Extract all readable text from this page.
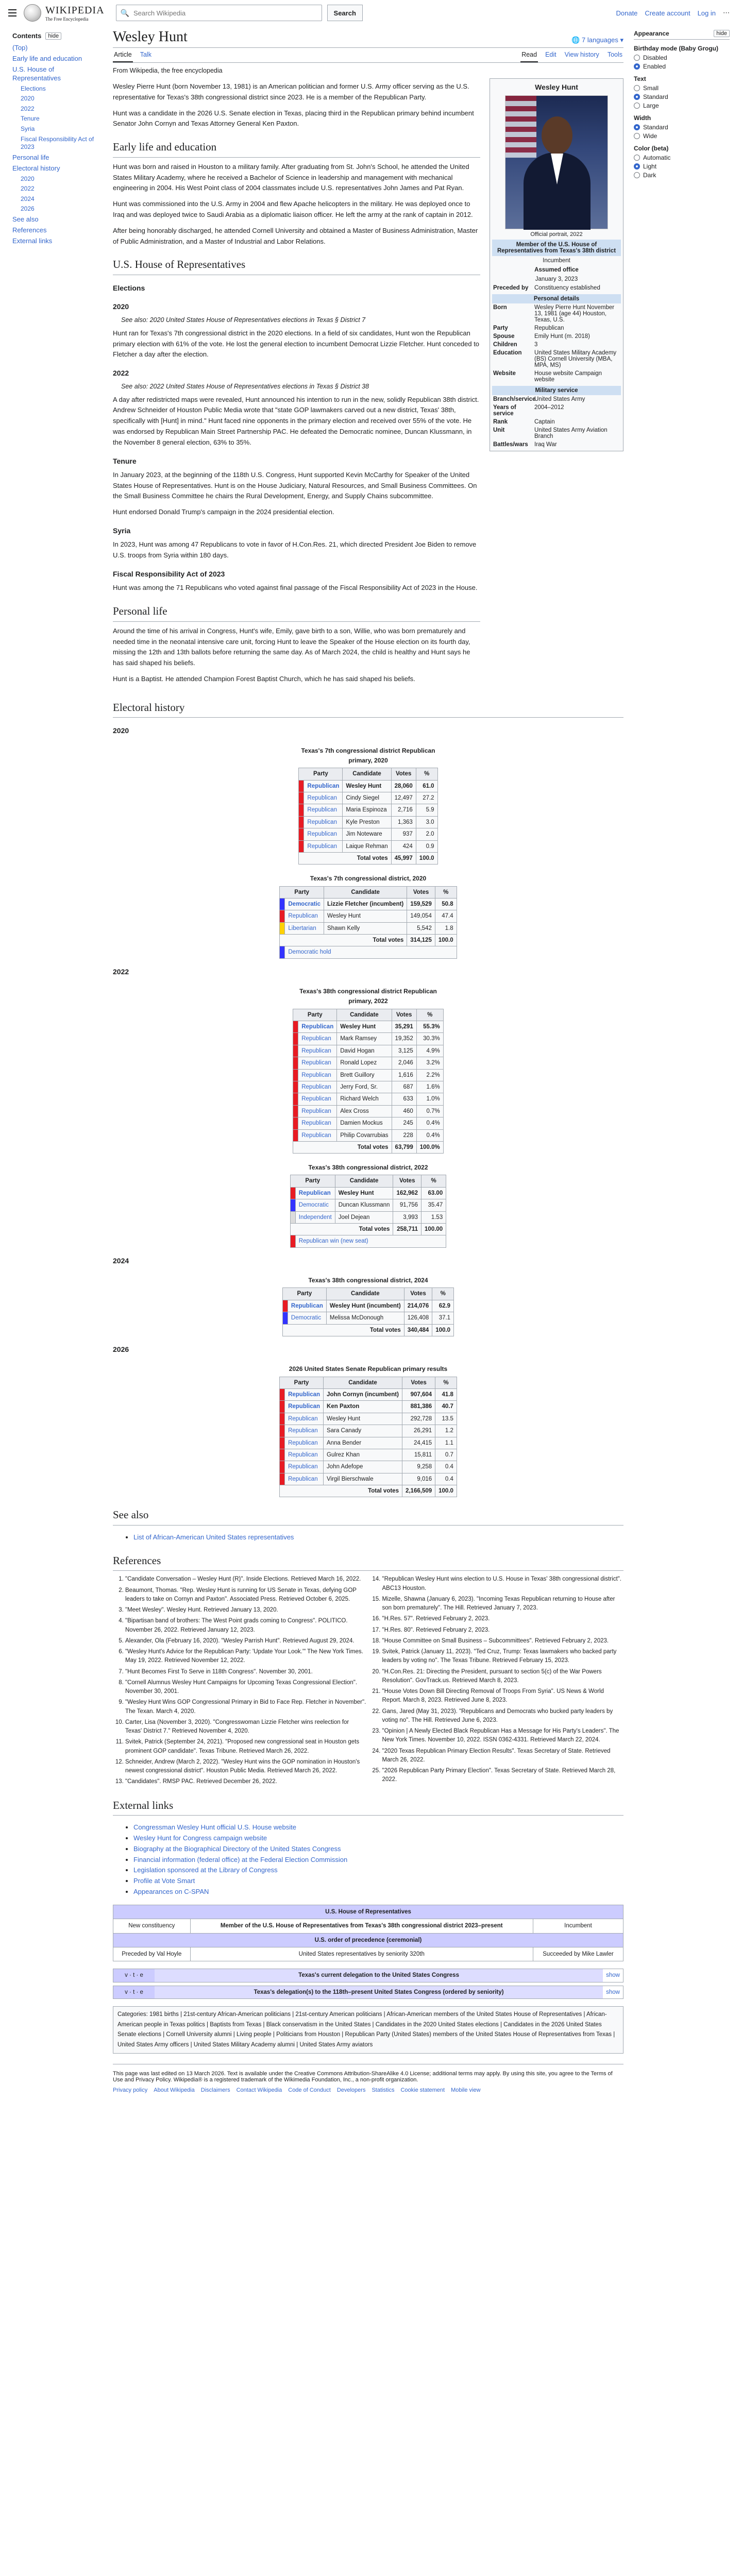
WIKIPEDIA
The Free Encyclopedia
🔍
Search Wikipedia	Search	Donate Create account Log in ⋯
Contents	hide
(Top)
Early life and education
U.S. House of Representatives
Elections
2020
2022
Tenure
Syria
Fiscal Responsibility Act of 2023
Personal life
Electoral history
2020
2022
2024
2026
See also
References
External links
Wesley Hunt	🌐 7 languages ▾
Article Talk	Read Edit View history Tools
From Wikipedia, the free encyclopedia

Wesley Pierre Hunt (born November 13, 1981) is an American politician and former U.S. Army officer serving as the U.S. representative for Texas's 38th congressional district since 2023. He is a member of the Republican Party.

Hunt was a candidate in the 2026 U.S. Senate election in Texas, placing third in the Republican primary behind incumbent Senator John Cornyn and Texas Attorney General Ken Paxton.

Early life and education

Hunt was born and raised in Houston to a military family. After graduating from St. John's School, he attended the United States Military Academy, where he received a Bachelor of Science in leadership and management with mechanical engineering in 2004. His West Point class of 2004 classmates include U.S. representatives John James and Pat Ryan.

Hunt was commissioned into the U.S. Army in 2004 and flew Apache helicopters in the military. He was deployed once to Iraq and was deployed twice to Saudi Arabia as a diplomatic liaison officer. He left the army at the rank of captain in 2012.

After being honorably discharged, he attended Cornell University and obtained a Master of Business Administration, Master of Public Administration, and a Master of Industrial and Labor Relations.

U.S. House of Representatives
Elections
2020
See also: 2020 United States House of Representatives elections in Texas § District 7

Hunt ran for Texas's 7th congressional district in the 2020 elections. In a field of six candidates, Hunt won the Republican primary election with 61% of the vote. He lost the general election to incumbent Democrat Lizzie Fletcher. Hunt conceded to Fletcher a day after the election.

2022
See also: 2022 United States House of Representatives elections in Texas § District 38

A day after redistricted maps were revealed, Hunt announced his intention to run in the new, solidly Republican 38th district. Andrew Schneider of Houston Public Media wrote that "state GOP lawmakers carved out a new district, Texas' 38th, specifically with [Hunt] in mind." Hunt faced nine opponents in the primary election and received over 55% of the vote. He was endorsed by Republican Main Street Partnership PAC. He defeated the Democratic nominee, Duncan Klussmann, in the November 8 general election, 63% to 35%.

Tenure

In January 2023, at the beginning of the 118th U.S. Congress, Hunt supported Kevin McCarthy for Speaker of the United States House of Representatives. Hunt is on the House Judiciary, Natural Resources, and Small Business Committees. On the Small Business Committee he chairs the Rural Development, Energy, and Supply Chains subcommittee.

Hunt endorsed Donald Trump's campaign in the 2024 presidential election.

Syria

In 2023, Hunt was among 47 Republicans to vote in favor of H.Con.Res. 21, which directed President Joe Biden to remove U.S. troops from Syria within 180 days.

Fiscal Responsibility Act of 2023

Hunt was among the 71 Republicans who voted against final passage of the Fiscal Responsibility Act of 2023 in the House.

Personal life

Around the time of his arrival in Congress, Hunt's wife, Emily, gave birth to a son, Willie, who was born prematurely and needed time in the neonatal intensive care unit, forcing Hunt to leave the Speaker of the House election on its fourth day, missing the 12th and 13th ballots before returning the same day. As of March 2024, the child is healthy and Hunt says he has said shaped his beliefs.

Hunt is a Baptist. He attended Champion Forest Baptist Church, which he has said shaped his beliefs.

Wesley Hunt
Official portrait, 2022
Member of the U.S. House of Representatives from Texas's 38th district
Incumbent
Assumed office
January 3, 2023
Preceded by	Constituency established
Personal details
Born	Wesley Pierre Hunt November 13, 1981 (age 44) Houston, Texas, U.S.
Party	Republican
Spouse	Emily Hunt (m. 2018)
Children	3
Education	United States Military Academy (BS) Cornell University (MBA, MPA, MS)
Website	House website Campaign website
Military service
Branch/service
United States Army
Years of service
2004–2012
Rank	Captain
Unit	United States Army Aviation Branch
Battles/wars	Iraq War
Electoral history
2020
Texas's 7th congressional district Republican primary, 2020
Party		Candidate	Votes	%
	Republican	Wesley Hunt	28,060	61.0
	Republican	Cindy Siegel	12,497	27.2
	Republican	Maria Espinoza	2,716	5.9
	Republican	Kyle Preston	1,363	3.0
	Republican	Jim Noteware	937	2.0
	Republican	Laique Rehman	424	0.9
Total votes			45,997	100.0
Texas's 7th congressional district, 2020
Party		Candidate	Votes	%
	Democratic	Lizzie Fletcher (incumbent)	159,529	50.8
	Republican	Wesley Hunt	149,054	47.4
	Libertarian	Shawn Kelly	5,542	1.8
Total votes			314,125	100.0
	Democratic hold			
2022
Texas's 38th congressional district Republican primary, 2022
Party		Candidate	Votes	%
	Republican	Wesley Hunt	35,291	55.3%
	Republican	Mark Ramsey	19,352	30.3%
	Republican	David Hogan	3,125	4.9%
	Republican	Ronald Lopez	2,046	3.2%
	Republican	Brett Guillory	1,616	2.2%
	Republican	Jerry Ford, Sr.	687	1.6%
	Republican	Richard Welch	633	1.0%
	Republican	Alex Cross	460	0.7%
	Republican	Damien Mockus	245	0.4%
	Republican	Philip Covarrubias	228	0.4%
Total votes			63,799	100.0%
Texas's 38th congressional district, 2022
Party		Candidate	Votes	%
	Republican	Wesley Hunt	162,962	63.00
	Democratic	Duncan Klussmann	91,756	35.47
	Independent	Joel Dejean	3,993	1.53
Total votes			258,711	100.00
	Republican win (new seat)			
2024
Texas's 38th congressional district, 2024
Party		Candidate	Votes	%
	Republican	Wesley Hunt (incumbent)	214,076	62.9
	Democratic	Melissa McDonough	126,408	37.1
Total votes			340,484	100.0
2026
2026 United States Senate Republican primary results
Party		Candidate	Votes	%
	Republican	John Cornyn (incumbent)	907,604	41.8
	Republican	Ken Paxton	881,386	40.7
	Republican	Wesley Hunt	292,728	13.5
	Republican	Sara Canady	26,291	1.2
	Republican	Anna Bender	24,415	1.1
	Republican	Gulrez Khan	15,811	0.7
	Republican	John Adefope	9,258	0.4
	Republican	Virgil Bierschwale	9,016	0.4
Total votes			2,166,509	100.0
See also
• List of African-American United States representatives
References
1. "Candidate Conversation – Wesley Hunt (R)". Inside Elections. Retrieved March 16, 2022.
2. Beaumont, Thomas. "Rep. Wesley Hunt is running for US Senate in Texas, defying GOP leaders to take on Cornyn and Paxton". Associated Press. Retrieved October 6, 2025.
3. "Meet Wesley". Wesley Hunt. Retrieved January 13, 2020.
4. "Bipartisan band of brothers: The West Point grads coming to Congress". POLITICO. November 26, 2022. Retrieved January 12, 2023.
5. Alexander, Ola (February 16, 2020). "Wesley Parrish Hunt". Retrieved August 29, 2024.
6. "Wesley Hunt's Advice for the Republican Party: 'Update Your Look.'" The New York Times. May 19, 2022. Retrieved November 12, 2022.
7. "Hunt Becomes First To Serve in 118th Congress". November 30, 2001.
8. "Cornell Alumnus Wesley Hunt Campaigns for Upcoming Texas Congressional Election". November 30, 2001.
9. "Wesley Hunt Wins GOP Congressional Primary in Bid to Face Rep. Fletcher in November". The Texan. March 4, 2020.
10. Carter, Lisa (November 3, 2020). "Congresswoman Lizzie Fletcher wins reelection for Texas' District 7." Retrieved November 4, 2020.
11. Svitek, Patrick (September 24, 2021). "Proposed new congressional seat in Houston gets prominent GOP candidate". Texas Tribune. Retrieved March 26, 2022.
12. Schneider, Andrew (March 2, 2022). "Wesley Hunt wins the GOP nomination in Houston's newest congressional district". Houston Public Media. Retrieved March 26, 2022.
13. "Candidates". RMSP PAC. Retrieved December 26, 2022.
14. "Republican Wesley Hunt wins election to U.S. House in Texas' 38th congressional district". ABC13 Houston.
15. Mizelle, Shawna (January 6, 2023). "Incoming Texas Republican returning to House after son born prematurely". The Hill. Retrieved January 7, 2023.
16. "H.Res. 57". Retrieved February 2, 2023.
17. "H.Res. 80". Retrieved February 2, 2023.
18. "House Committee on Small Business – Subcommittees". Retrieved February 2, 2023.
19. Svitek, Patrick (January 11, 2023). "Ted Cruz, Trump: Texas lawmakers who backed party leaders by voting no". The Texas Tribune. Retrieved February 15, 2023.
20. "H.Con.Res. 21: Directing the President, pursuant to section 5(c) of the War Powers Resolution". GovTrack.us. Retrieved March 8, 2023.
21. "House Votes Down Bill Directing Removal of Troops From Syria". US News & World Report. March 8, 2023. Retrieved June 8, 2023.
22. Gans, Jared (May 31, 2023). "Republicans and Democrats who bucked party leaders by voting no". The Hill. Retrieved June 6, 2023.
23. "Opinion | A Newly Elected Black Republican Has a Message for His Party's Leaders". The New York Times. November 10, 2022. ISSN 0362-4331. Retrieved March 22, 2024.
24. "2020 Texas Republican Primary Election Results". Texas Secretary of State. Retrieved March 26, 2022.
25. "2026 Republican Party Primary Election". Texas Secretary of State. Retrieved March 28, 2022.
External links
• Congressman Wesley Hunt official U.S. House website
• Wesley Hunt for Congress campaign website
• Biography at the Biographical Directory of the United States Congress
• Financial information (federal office) at the Federal Election Commission
• Legislation sponsored at the Library of Congress
• Profile at Vote Smart
• Appearances on C-SPAN
U.S. House of Representatives		
New constituency	Member of the U.S. House of Representatives from Texas's 38th congressional district 2023–present	Incumbent
U.S. order of precedence (ceremonial)		
Preceded by Val Hoyle	United States representatives by seniority 320th	Succeeded by Mike Lawler
v · t · e	Texas's current delegation to the United States Congress	show
v · t · e	Texas's delegation(s) to the 118th–present United States Congress (ordered by seniority)	show
Categories: 1981 births | 21st-century African-American politicians | 21st-century American politicians | African-American members of the United States House of Representatives | African-American people in Texas politics | Baptists from Texas | Black conservatism in the United States | Candidates in the 2020 United States elections | Candidates in the 2026 United States Senate elections | Cornell University alumni | Living people | Politicians from Houston | Republican Party (United States) members of the United States House of Representatives from Texas | United States Army officers | United States Military Academy alumni | United States Army aviators
This page was last edited on 13 March 2026. Text is available under the Creative Commons Attribution-ShareAlike 4.0 License; additional terms may apply. By using this site, you agree to the Terms of Use and Privacy Policy. Wikipedia® is a registered trademark of the Wikimedia Foundation, Inc., a non-profit organization.
Privacy policy About Wikipedia Disclaimers Contact Wikipedia Code of Conduct Developers Statistics Cookie statement Mobile view
Appearance	hide
Birthday mode (Baby Grogu)
Disabled
Enabled
Text
Small
Standard
Large
Width
Standard
Wide
Color (beta)
Automatic
Light
Dark
